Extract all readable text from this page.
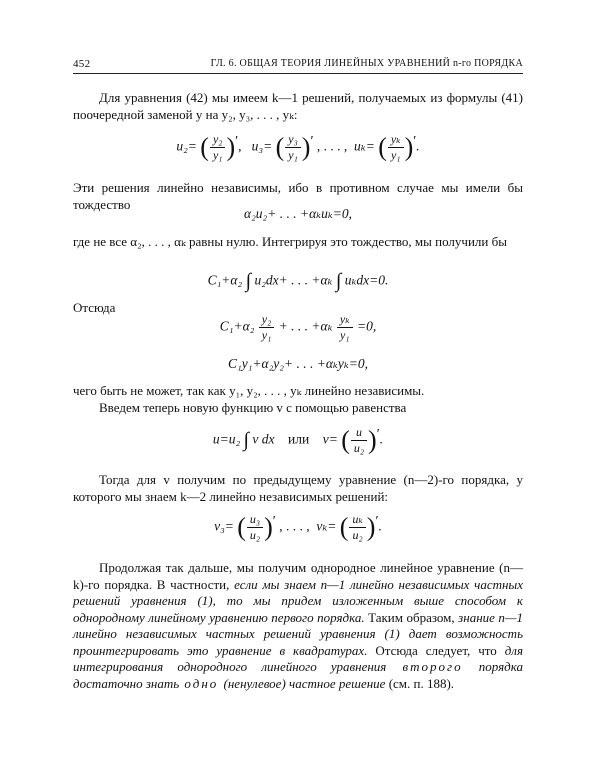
452	ГЛ. 6. ОБЩАЯ ТЕОРИЯ ЛИНЕЙНЫХ УРАВНЕНИЙ n-го ПОРЯДКА
Для уравнения (42) мы имеем k—1 решений, получаемых из формулы (41) поочередной заменой y на y₂, y₃, . . . , yₖ:
u₂= ( $\frac{\text{y₂}}{\text{y₁}}$ )′,   u₃= ( $\frac{\text{y₃}}{\text{y₁}}$ )′ , . . . , uₖ= ( $\frac{\text{yₖ}}{\text{y₁}}$ )′.
Эти решения линейно независимы, ибо в противном случае мы имели бы тождество
α₂u₂+ . . . +αₖuₖ=0,
где не все α₂, . . . , αₖ равны нулю. Интегрируя это тождество, мы получили бы
C₁+α₂ ∫ u₂dx+ . . . +αₖ ∫ uₖdx=0.
Отсюда
$C_1+\alpha_2 \frac{\text{y₂}}{\text{y₁}}$ + . . . $+\alpha_k \frac{\text{yₖ}}{\text{y₁}} =0$,
C₁y₁+α₂y₂+ . . . +αₖyₖ=0,
чего быть не может, так как y₁, y₂, . . . , yₖ линейно независимы.
Введем теперь новую функцию v с помощью равенства
u=u₂ ∫ v dx или v= ( $\frac{u}{\text{u₂}}$ )′.
Тогда для v получим по предыдущему уравнение (n—2)-го порядка, у которого мы знаем k—2 линейно независимых решений:
v₃= ( $\frac{\text{u₃}}{\text{u₂}}$ )′ , . . . , vₖ= ( $\frac{\text{uₖ}}{\text{u₂}}$ )′.
Продолжая так дальше, мы получим однородное линейное уравнение (n—k)-го порядка. В частности, если мы знаем n—1 линейно независимых частных решений уравнения (1), то мы придем изложенным выше способом к однородному линейному уравнению первого порядка. Таким образом, знание n—1 линейно независимых частных решений уравнения (1) дает возможность проинтегрировать это уравнение в квадратурах. Отсюда следует, что для интегрирования однородного линейного уравнения второго порядка достаточно знать одно (ненулевое) частное решение (см. п. 188).
